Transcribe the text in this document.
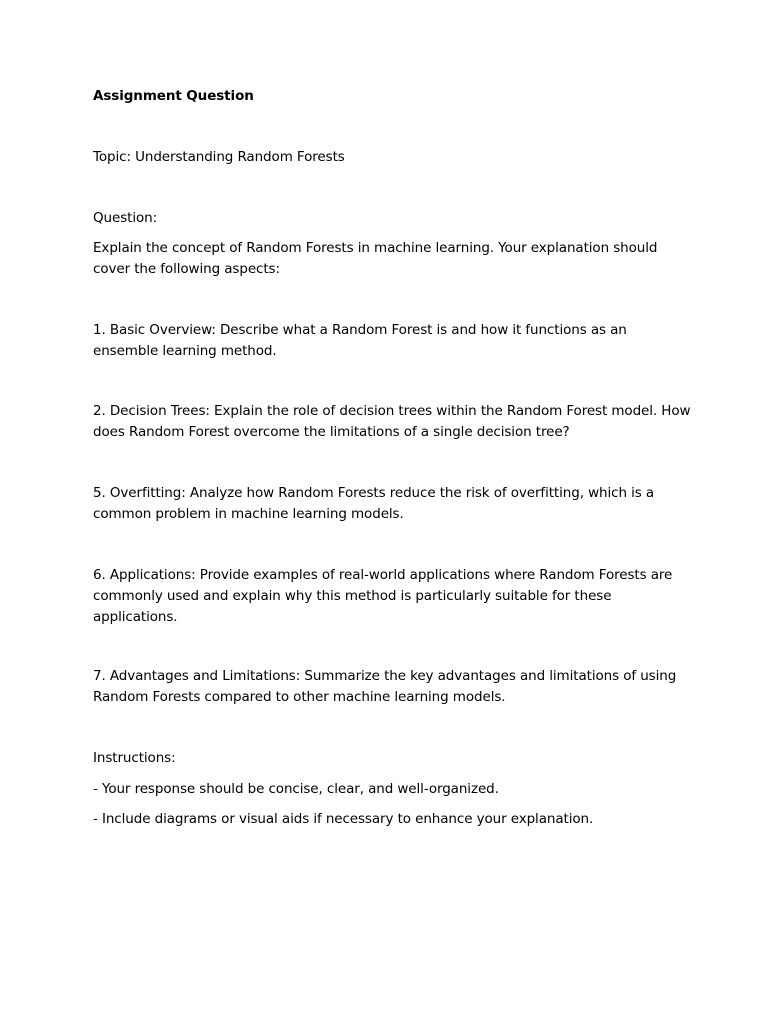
Assignment Question

Topic: Understanding Random Forests

Question:

Explain the concept of Random Forests in machine learning. Your explanation should cover the following aspects:

1. Basic Overview: Describe what a Random Forest is and how it functions as an ensemble learning method.

2. Decision Trees: Explain the role of decision trees within the Random Forest model. How does Random Forest overcome the limitations of a single decision tree?

5. Overfitting: Analyze how Random Forests reduce the risk of overfitting, which is a common problem in machine learning models.

6. Applications: Provide examples of real-world applications where Random Forests are commonly used and explain why this method is particularly suitable for these applications.

7. Advantages and Limitations: Summarize the key advantages and limitations of using Random Forests compared to other machine learning models.

Instructions:

- Your response should be concise, clear, and well-organized.

- Include diagrams or visual aids if necessary to enhance your explanation.
